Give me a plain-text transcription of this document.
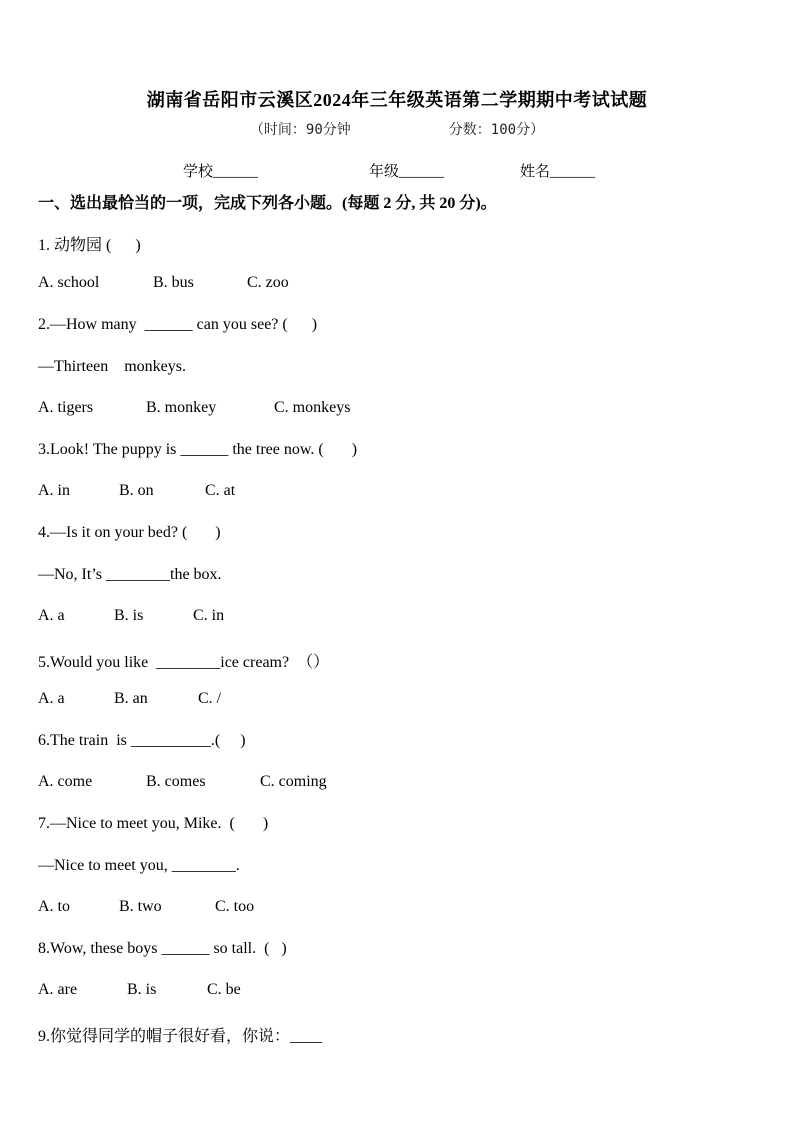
湖南省岳阳市云溪区2024年三年级英语第二学期期中考试试题
（时间：90分钟	分数：100分）
学校______	年级______	姓名______
一、选出最恰当的一项，完成下列各小题。(每题 2 分, 共 20 分)。
1. 动物园 (      )
A. school	B. bus	C. zoo
2.—How many  ______ can you see? (      )
—Thirteen    monkeys.
A. tigers	B. monkey	C. monkeys
3.Look! The puppy is ______ the tree now. (       )
A. in	B. on	C. at
4.—Is it on your bed? (       )
—No, It’s ________the box.
A. a	B. is	C. in
5.Would you like  ________ice cream?  （）
A. a	B. an	C. /
6.The train  is __________.(     )
A. come	B. comes	C. coming
7.—Nice to meet you, Mike.  (       )
—Nice to meet you, ________.
A. to	B. two	C. too
8.Wow, these boys ______ so tall.  (   )
A. are	B. is	C. be
9.你觉得同学的帽子很好看，你说：____
